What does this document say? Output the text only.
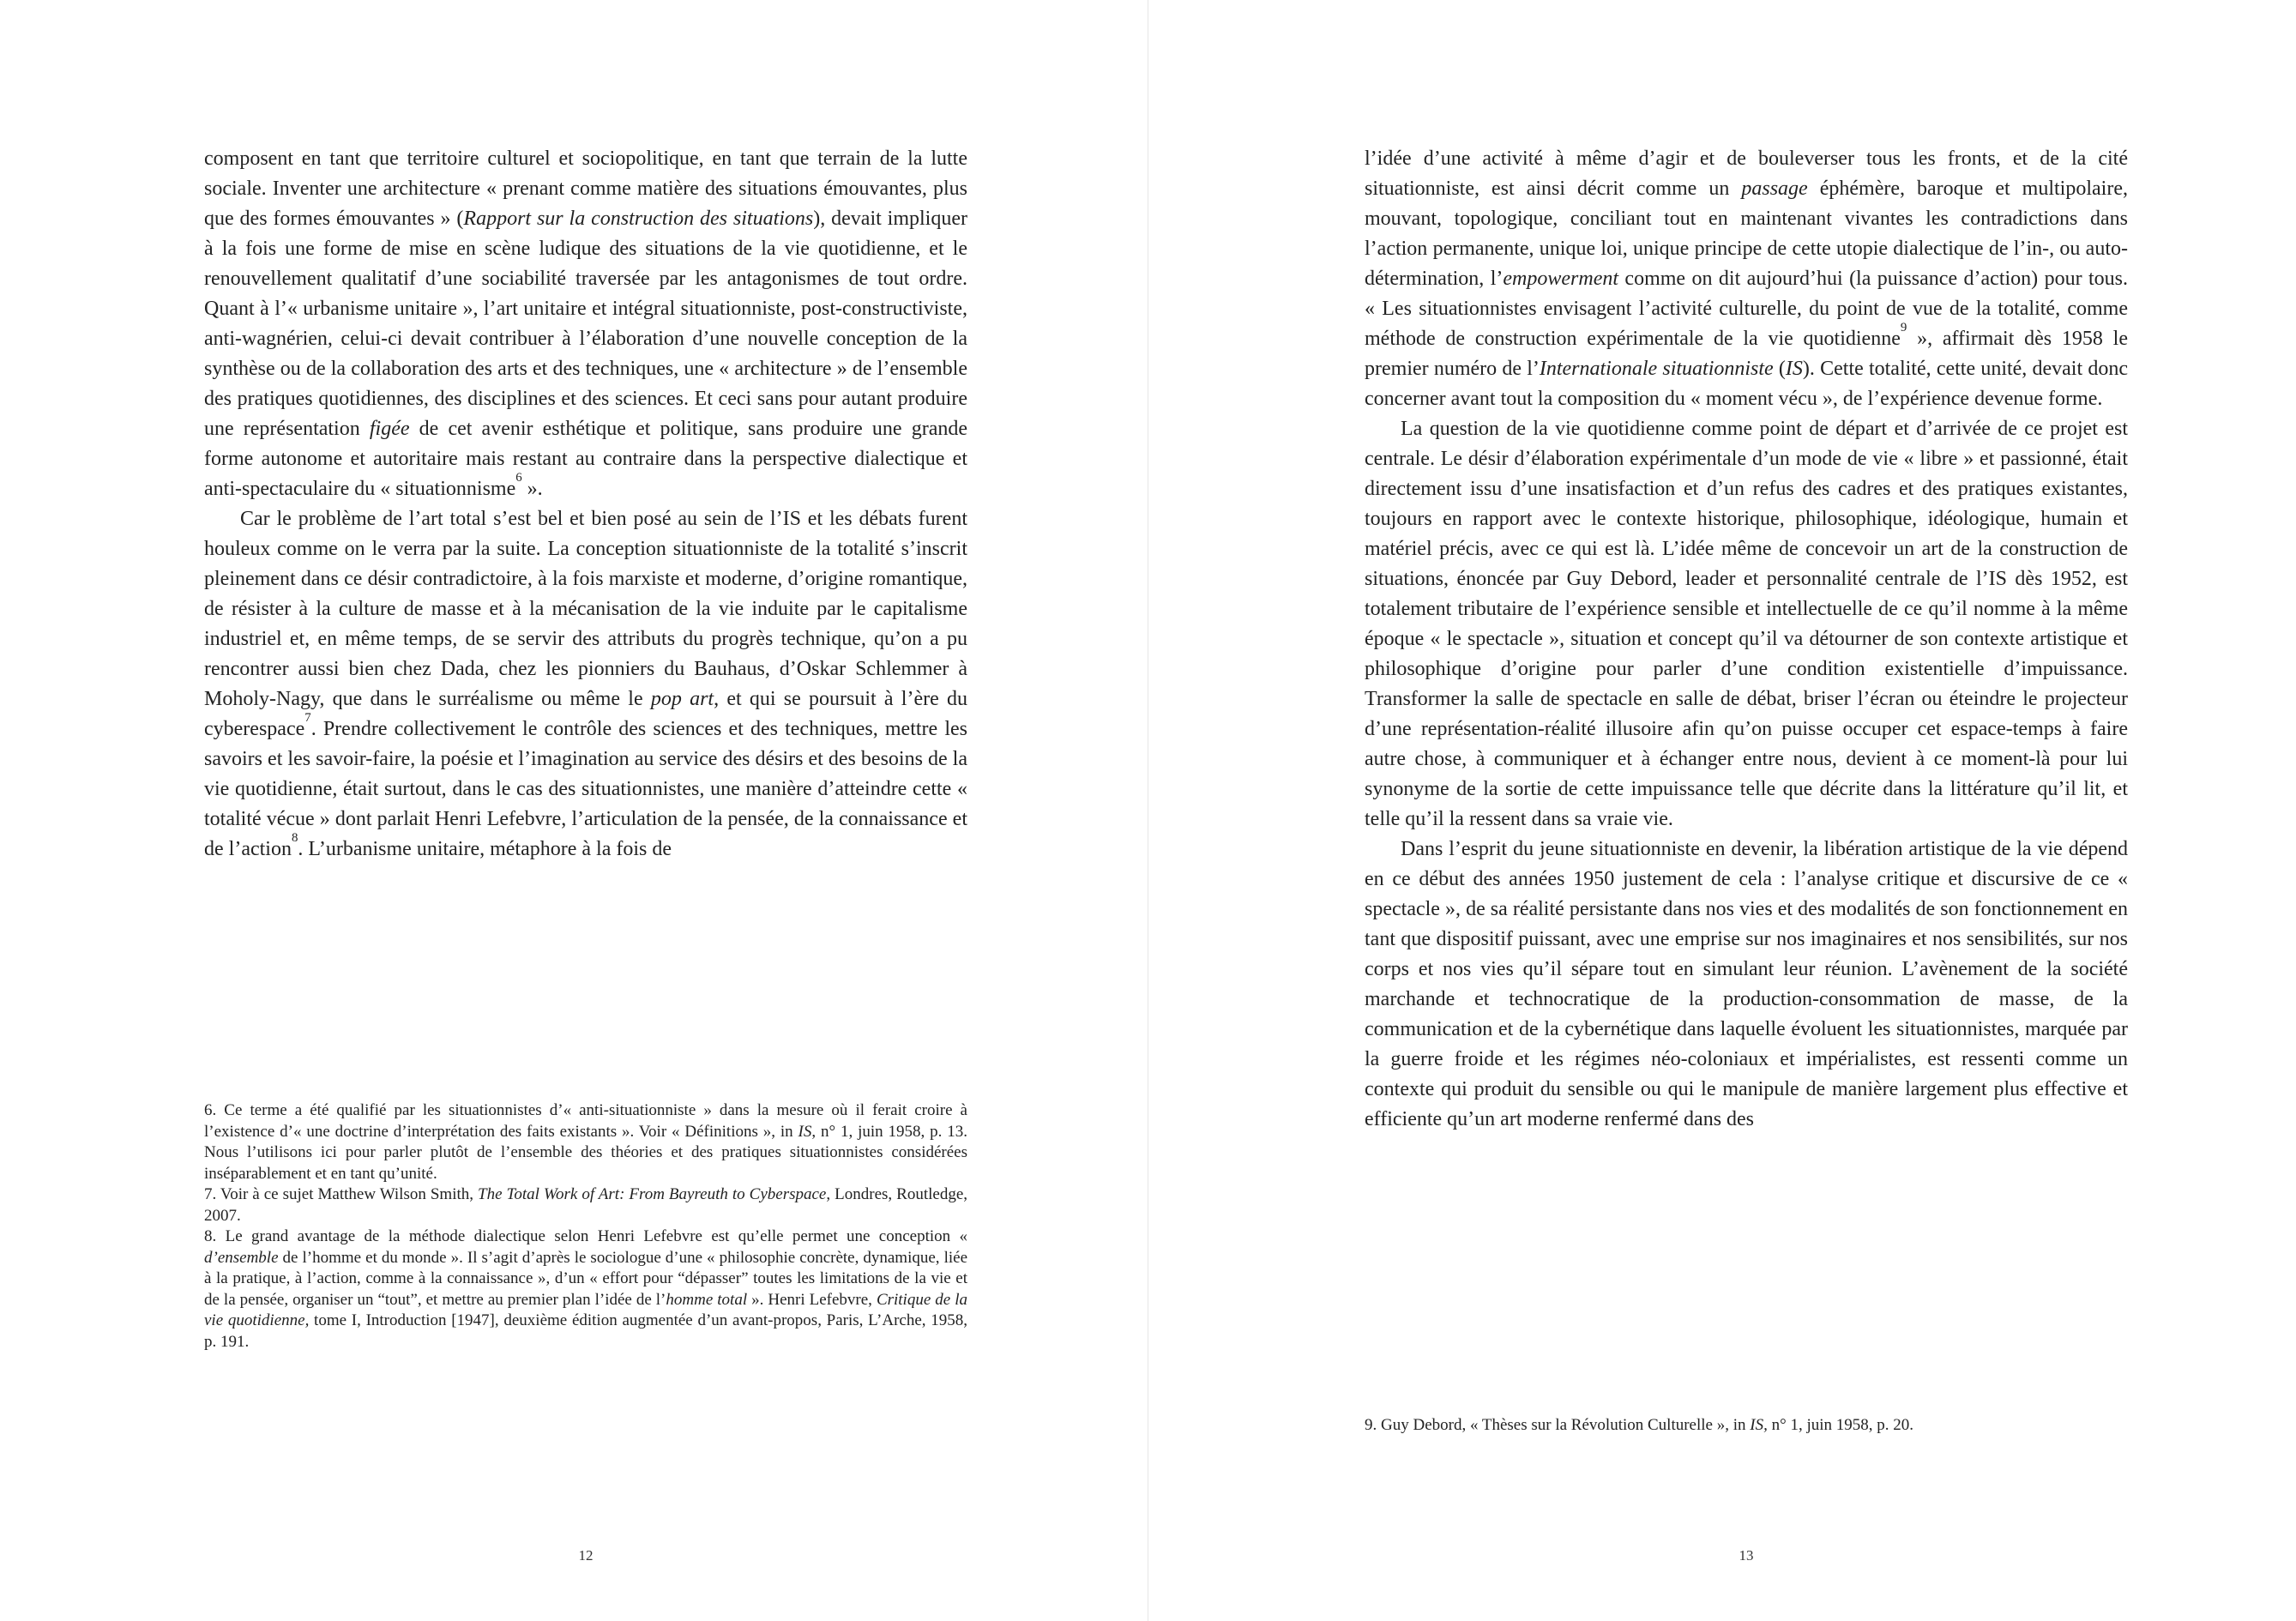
composent en tant que territoire culturel et sociopolitique, en tant que terrain de la lutte sociale. Inventer une architecture « prenant comme matière des situations émouvantes, plus que des formes émouvantes » (Rapport sur la construction des situations), devait impliquer à la fois une forme de mise en scène ludique des situations de la vie quotidienne, et le renouvellement qualitatif d’une sociabilité traversée par les antagonismes de tout ordre. Quant à l’« urbanisme unitaire », l’art unitaire et intégral situationniste, post-constructiviste, anti-wagnérien, celui-ci devait contribuer à l’élaboration d’une nouvelle conception de la synthèse ou de la collaboration des arts et des techniques, une « architecture » de l’ensemble des pratiques quotidiennes, des disciplines et des sciences. Et ceci sans pour autant produire une représentation figée de cet avenir esthétique et politique, sans produire une grande forme autonome et autoritaire mais restant au contraire dans la perspective dialectique et anti-spectaculaire du « situationnisme$^6$ ».

Car le problème de l’art total s’est bel et bien posé au sein de l’IS et les débats furent houleux comme on le verra par la suite. La conception situationniste de la totalité s’inscrit pleinement dans ce désir contradictoire, à la fois marxiste et moderne, d’origine romantique, de résister à la culture de masse et à la mécanisation de la vie induite par le capitalisme industriel et, en même temps, de se servir des attributs du progrès technique, qu’on a pu rencontrer aussi bien chez Dada, chez les pionniers du Bauhaus, d’Oskar Schlemmer à Moholy-Nagy, que dans le surréalisme ou même le pop art, et qui se poursuit à l’ère du cyberespace$^7$. Prendre collectivement le contrôle des sciences et des techniques, mettre les savoirs et les savoir-faire, la poésie et l’imagination au service des désirs et des besoins de la vie quotidienne, était surtout, dans le cas des situationnistes, une manière d’atteindre cette « totalité vécue » dont parlait Henri Lefebvre, l’articulation de la pensée, de la connaissance et de l’action$^8$. L’urbanisme unitaire, métaphore à la fois de

6. Ce terme a été qualifié par les situationnistes d’« anti-situationniste » dans la mesure où il ferait croire à l’existence d’« une doctrine d’interprétation des faits existants ». Voir « Définitions », in IS, n° 1, juin 1958, p. 13. Nous l’utilisons ici pour parler plutôt de l’ensemble des théories et des pratiques situationnistes considérées inséparablement et en tant qu’unité.

7. Voir à ce sujet Matthew Wilson Smith, The Total Work of Art: From Bayreuth to Cyberspace, Londres, Routledge, 2007.

8. Le grand avantage de la méthode dialectique selon Henri Lefebvre est qu’elle permet une conception « d’ensemble de l’homme et du monde ». Il s’agit d’après le sociologue d’une « philosophie concrète, dynamique, liée à la pratique, à l’action, comme à la connaissance », d’un « effort pour “dépasser” toutes les limitations de la vie et de la pensée, organiser un “tout”, et mettre au premier plan l’idée de l’homme total ». Henri Lefebvre, Critique de la vie quotidienne, tome I, Introduction [1947], deuxième édition augmentée d’un avant-propos, Paris, L’Arche, 1958, p. 191.

12

l’idée d’une activité à même d’agir et de bouleverser tous les fronts, et de la cité situationniste, est ainsi décrit comme un passage éphémère, baroque et multipolaire, mouvant, topologique, conciliant tout en maintenant vivantes les contradictions dans l’action permanente, unique loi, unique principe de cette utopie dialectique de l’in-, ou auto-détermination, l’empowerment comme on dit aujourd’hui (la puissance d’action) pour tous. « Les situationnistes envisagent l’activité culturelle, du point de vue de la totalité, comme méthode de construction expérimentale de la vie quotidienne$^9$ », affirmait dès 1958 le premier numéro de l’Internationale situationniste (IS). Cette totalité, cette unité, devait donc concerner avant tout la composition du « moment vécu », de l’expérience devenue forme.

La question de la vie quotidienne comme point de départ et d’arrivée de ce projet est centrale. Le désir d’élaboration expérimentale d’un mode de vie « libre » et passionné, était directement issu d’une insatisfaction et d’un refus des cadres et des pratiques existantes, toujours en rapport avec le contexte historique, philosophique, idéologique, humain et matériel précis, avec ce qui est là. L’idée même de concevoir un art de la construction de situations, énoncée par Guy Debord, leader et personnalité centrale de l’IS dès 1952, est totalement tributaire de l’expérience sensible et intellectuelle de ce qu’il nomme à la même époque « le spectacle », situation et concept qu’il va détourner de son contexte artistique et philosophique d’origine pour parler d’une condition existentielle d’impuissance. Transformer la salle de spectacle en salle de débat, briser l’écran ou éteindre le projecteur d’une représentation-réalité illusoire afin qu’on puisse occuper cet espace-temps à faire autre chose, à communiquer et à échanger entre nous, devient à ce moment-là pour lui synonyme de la sortie de cette impuissance telle que décrite dans la littérature qu’il lit, et telle qu’il la ressent dans sa vraie vie.

Dans l’esprit du jeune situationniste en devenir, la libération artistique de la vie dépend en ce début des années 1950 justement de cela : l’analyse critique et discursive de ce « spectacle », de sa réalité persistante dans nos vies et des modalités de son fonctionnement en tant que dispositif puissant, avec une emprise sur nos imaginaires et nos sensibilités, sur nos corps et nos vies qu’il sépare tout en simulant leur réunion. L’avènement de la société marchande et technocratique de la production-consommation de masse, de la communication et de la cybernétique dans laquelle évoluent les situationnistes, marquée par la guerre froide et les régimes néo-coloniaux et impérialistes, est ressenti comme un contexte qui produit du sensible ou qui le manipule de manière largement plus effective et efficiente qu’un art moderne renfermé dans des

9. Guy Debord, « Thèses sur la Révolution Culturelle », in IS, n° 1, juin 1958, p. 20.

13
